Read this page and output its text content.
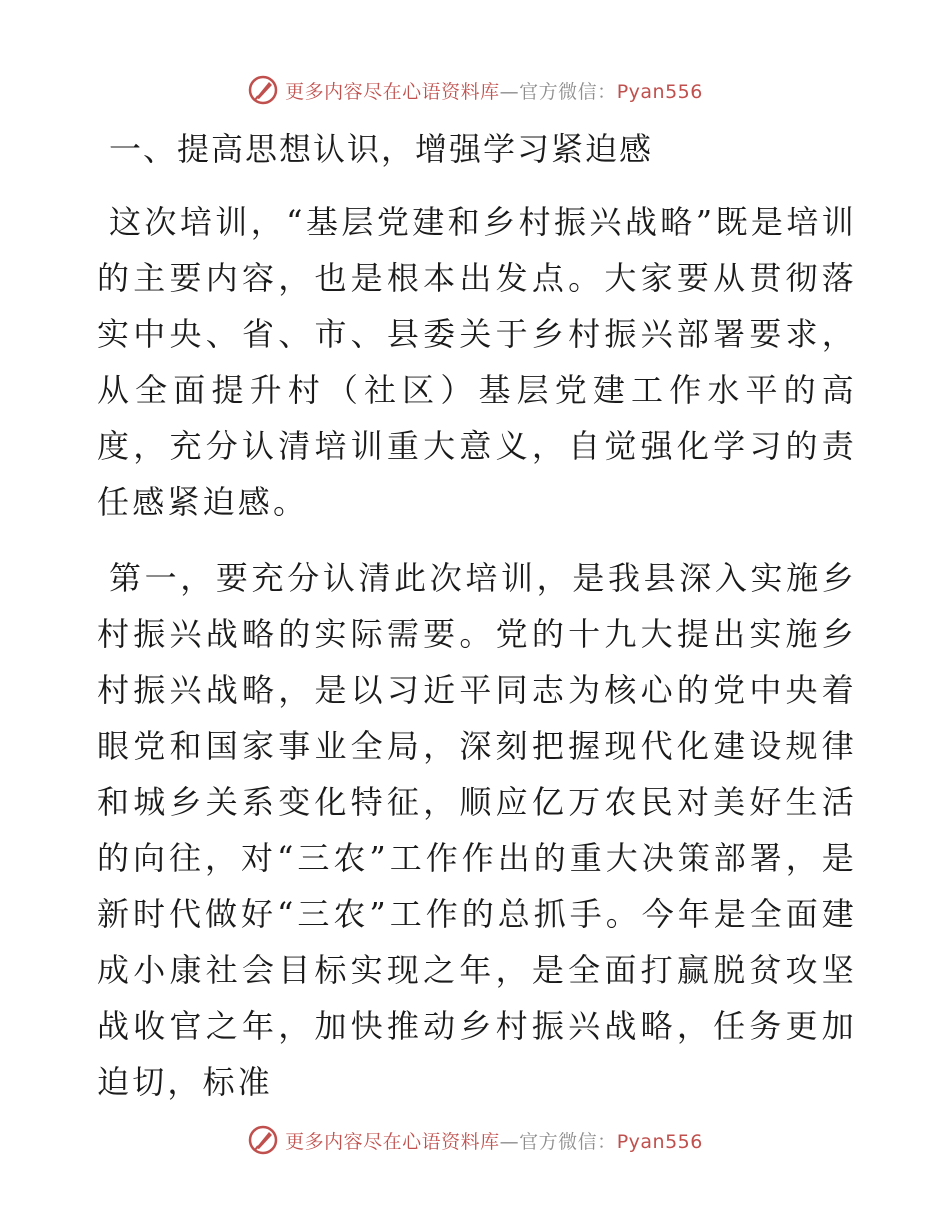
更多内容尽在心语资料库—官方微信：Pyan556
一、提高思想认识，增强学习紧迫感

这次培训，“基层党建和乡村振兴战略”既是培训的主要内容，也是根本出发点。大家要从贯彻落实中央、省、市、县委关于乡村振兴部署要求，从全面提升村（社区）基层党建工作水平的高度，充分认清培训重大意义，自觉强化学习的责任感紧迫感。

第一，要充分认清此次培训，是我县深入实施乡村振兴战略的实际需要。党的十九大提出实施乡村振兴战略，是以习近平同志为核心的党中央着眼党和国家事业全局，深刻把握现代化建设规律和城乡关系变化特征，顺应亿万农民对美好生活的向往，对“三农”工作作出的重大决策部署，是新时代做好“三农”工作的总抓手。今年是全面建成小康社会目标实现之年，是全面打赢脱贫攻坚战收官之年，加快推动乡村振兴战略，任务更加迫切，标准

更多内容尽在心语资料库—官方微信：Pyan556
